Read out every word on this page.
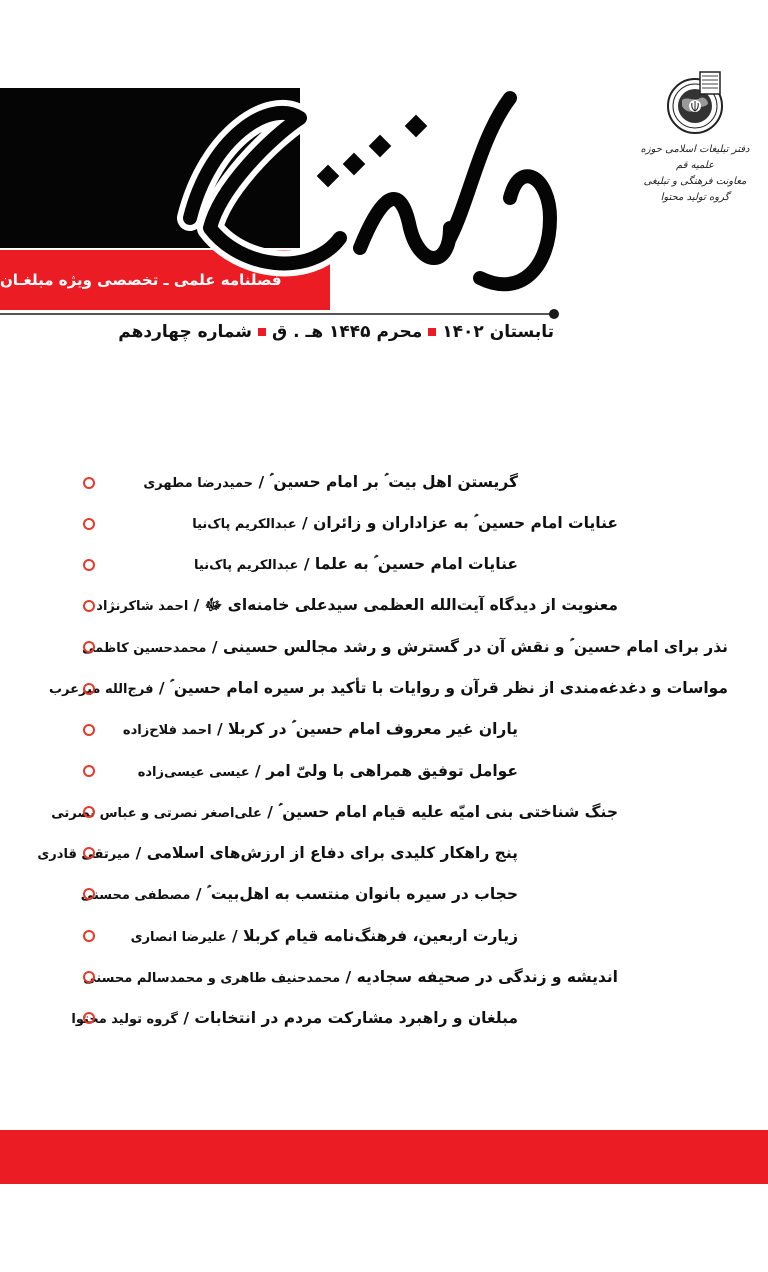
فصلنامه علمی ـ تخصصی ویژه مبلغـان
تابستان ۱۴۰۲
محرم ۱۴۴۵ هـ . ق
شماره چهاردهم
دفتر تبلیغات اسلامی حوزه علمیه قم
معاونت فرهنگی و تبلیغی
گروه تولید محتوا
گریستن اهل بیت ؑ بر امام حسین ؑ / حمیدرضا مطهری
عنایات امام حسین ؑ به عزاداران و زائران / عبدالکریم پاک‌نیا
عنایات امام حسین ؑ به علما / عبدالکریم پاک‌نیا
معنویت از دیدگاه آیت‌الله العظمی سیدعلی خامنه‌ای ﷻ / احمد شاکرنژاد
نذر برای امام حسین ؑ و نقش آن در گسترش و رشد مجالس حسینی / محمدحسین کاظمی
مواسات و دغدغه‌مندی از نظر قرآن و روایات با تأکید بر سیره امام حسین ؑ / فرج‌الله میرعرب
یاران غیر معروف امام حسین ؑ در کربلا / احمد فلاح‌زاده
عوامل توفیق همراهی با ولیّ امر / عیسی عیسی‌زاده
جنگ شناختی بنی امیّه علیه قیام امام حسین ؑ / علی‌اصغر نصرتی و عباس نصرتی
پنج راهکار کلیدی برای دفاع از ارزش‌های اسلامی / میرتقی قادری
حجاب در سیره بانوان منتسب به اهل‌بیت ؑ / مصطفی محسنی
زیارت اربعین، فرهنگ‌نامه قیام کربلا / علیرضا انصاری
اندیشه و زندگی در صحیفه سجادیه / محمدحنیف طاهری و محمدسالم محسنی
مبلغان و راهبرد مشارکت مردم در انتخابات / گروه تولید محتوا
